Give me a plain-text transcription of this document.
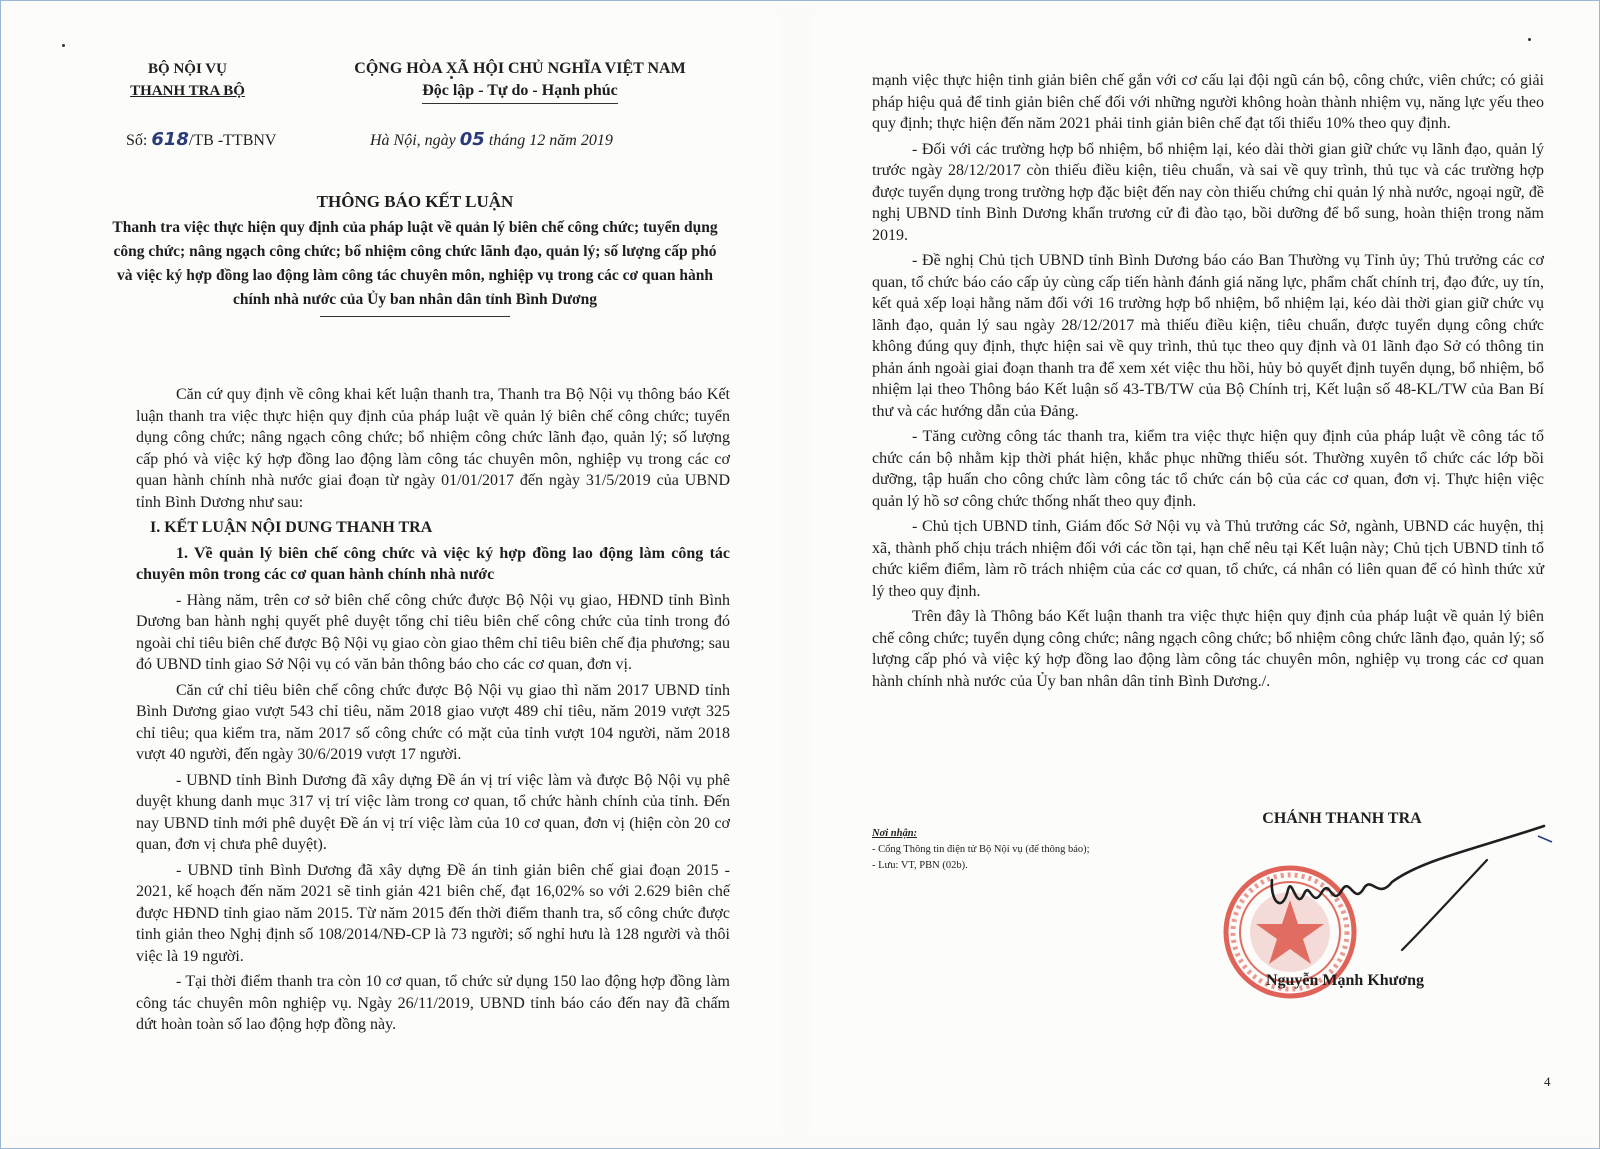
BỘ NỘI VỤ
THANH TRA BỘ
CỘNG HÒA XÃ HỘI CHỦ NGHĨA VIỆT NAM
Độc lập - Tự do - Hạnh phúc
Số: 618/TB -TTBNV	Hà Nội, ngày 05 tháng 12 năm 2019
THÔNG BÁO KẾT LUẬN
Thanh tra việc thực hiện quy định của pháp luật về quản lý biên chế công chức; tuyển dụng công chức; nâng ngạch công chức; bổ nhiệm công chức lãnh đạo, quản lý; số lượng cấp phó và việc ký hợp đồng lao động làm công tác chuyên môn, nghiệp vụ trong các cơ quan hành chính nhà nước của Ủy ban nhân dân tỉnh Bình Dương

Căn cứ quy định về công khai kết luận thanh tra, Thanh tra Bộ Nội vụ thông báo Kết luận thanh tra việc thực hiện quy định của pháp luật về quản lý biên chế công chức; tuyển dụng công chức; nâng ngạch công chức; bổ nhiệm công chức lãnh đạo, quản lý; số lượng cấp phó và việc ký hợp đồng lao động làm công tác chuyên môn, nghiệp vụ trong các cơ quan hành chính nhà nước giai đoạn từ ngày 01/01/2017 đến ngày 31/5/2019 của UBND tỉnh Bình Dương như sau:

I. KẾT LUẬN NỘI DUNG THANH TRA

1. Về quản lý biên chế công chức và việc ký hợp đồng lao động làm công tác chuyên môn trong các cơ quan hành chính nhà nước

- Hàng năm, trên cơ sở biên chế công chức được Bộ Nội vụ giao, HĐND tỉnh Bình Dương ban hành nghị quyết phê duyệt tổng chỉ tiêu biên chế công chức của tỉnh trong đó ngoài chỉ tiêu biên chế được Bộ Nội vụ giao còn giao thêm chỉ tiêu biên chế địa phương; sau đó UBND tỉnh giao Sở Nội vụ có văn bản thông báo cho các cơ quan, đơn vị.

Căn cứ chỉ tiêu biên chế công chức được Bộ Nội vụ giao thì năm 2017 UBND tỉnh Bình Dương giao vượt 543 chỉ tiêu, năm 2018 giao vượt 489 chỉ tiêu, năm 2019 vượt 325 chỉ tiêu; qua kiểm tra, năm 2017 số công chức có mặt của tỉnh vượt 104 người, năm 2018 vượt 40 người, đến ngày 30/6/2019 vượt 17 người.

- UBND tỉnh Bình Dương đã xây dựng Đề án vị trí việc làm và được Bộ Nội vụ phê duyệt khung danh mục 317 vị trí việc làm trong cơ quan, tổ chức hành chính của tỉnh. Đến nay UBND tỉnh mới phê duyệt Đề án vị trí việc làm của 10 cơ quan, đơn vị (hiện còn 20 cơ quan, đơn vị chưa phê duyệt).

- UBND tỉnh Bình Dương đã xây dựng Đề án tinh giản biên chế giai đoạn 2015 - 2021, kế hoạch đến năm 2021 sẽ tinh giản 421 biên chế, đạt 16,02% so với 2.629 biên chế được HĐND tỉnh giao năm 2015. Từ năm 2015 đến thời điểm thanh tra, số công chức được tinh giản theo Nghị định số 108/2014/NĐ-CP là 73 người; số nghỉ hưu là 128 người và thôi việc là 19 người.

- Tại thời điểm thanh tra còn 10 cơ quan, tổ chức sử dụng 150 lao động hợp đồng làm công tác chuyên môn nghiệp vụ. Ngày 26/11/2019, UBND tỉnh báo cáo đến nay đã chấm dứt hoàn toàn số lao động hợp đồng này.

mạnh việc thực hiện tinh giản biên chế gắn với cơ cấu lại đội ngũ cán bộ, công chức, viên chức; có giải pháp hiệu quả để tinh giản biên chế đối với những người không hoàn thành nhiệm vụ, năng lực yếu theo quy định; thực hiện đến năm 2021 phải tinh giản biên chế đạt tối thiểu 10% theo quy định.

- Đối với các trường hợp bổ nhiệm, bổ nhiệm lại, kéo dài thời gian giữ chức vụ lãnh đạo, quản lý trước ngày 28/12/2017 còn thiếu điều kiện, tiêu chuẩn, và sai về quy trình, thủ tục và các trường hợp được tuyển dụng trong trường hợp đặc biệt đến nay còn thiếu chứng chỉ quản lý nhà nước, ngoại ngữ, đề nghị UBND tỉnh Bình Dương khẩn trương cử đi đào tạo, bồi dưỡng để bổ sung, hoàn thiện trong năm 2019.

- Đề nghị Chủ tịch UBND tỉnh Bình Dương báo cáo Ban Thường vụ Tỉnh ủy; Thủ trưởng các cơ quan, tổ chức báo cáo cấp ủy cùng cấp tiến hành đánh giá năng lực, phẩm chất chính trị, đạo đức, uy tín, kết quả xếp loại hằng năm đối với 16 trường hợp bổ nhiệm, bổ nhiệm lại, kéo dài thời gian giữ chức vụ lãnh đạo, quản lý sau ngày 28/12/2017 mà thiếu điều kiện, tiêu chuẩn, được tuyển dụng công chức không đúng quy định, thực hiện sai về quy trình, thủ tục theo quy định và 01 lãnh đạo Sở có thông tin phản ánh ngoài giai đoạn thanh tra để xem xét việc thu hồi, hủy bỏ quyết định tuyển dụng, bổ nhiệm, bổ nhiệm lại theo Thông báo Kết luận số 43-TB/TW của Bộ Chính trị, Kết luận số 48-KL/TW của Ban Bí thư và các hướng dẫn của Đảng.

- Tăng cường công tác thanh tra, kiểm tra việc thực hiện quy định của pháp luật về công tác tổ chức cán bộ nhằm kịp thời phát hiện, khắc phục những thiếu sót. Thường xuyên tổ chức các lớp bồi dưỡng, tập huấn cho công chức làm công tác tổ chức cán bộ của các cơ quan, đơn vị. Thực hiện việc quản lý hồ sơ công chức thống nhất theo quy định.

- Chủ tịch UBND tỉnh, Giám đốc Sở Nội vụ và Thủ trưởng các Sở, ngành, UBND các huyện, thị xã, thành phố chịu trách nhiệm đối với các tồn tại, hạn chế nêu tại Kết luận này; Chủ tịch UBND tỉnh tổ chức kiểm điểm, làm rõ trách nhiệm của các cơ quan, tổ chức, cá nhân có liên quan để có hình thức xử lý theo quy định.

Trên đây là Thông báo Kết luận thanh tra việc thực hiện quy định của pháp luật về quản lý biên chế công chức; tuyển dụng công chức; nâng ngạch công chức; bổ nhiệm công chức lãnh đạo, quản lý; số lượng cấp phó và việc ký hợp đồng lao động làm công tác chuyên môn, nghiệp vụ trong các cơ quan hành chính nhà nước của Ủy ban nhân dân tỉnh Bình Dương./.

Nơi nhận:
- Cổng Thông tin điện tử Bộ Nội vụ (để thông báo);
- Lưu: VT, PBN (02b).
CHÁNH THANH TRA
Nguyễn Mạnh Khương
4
